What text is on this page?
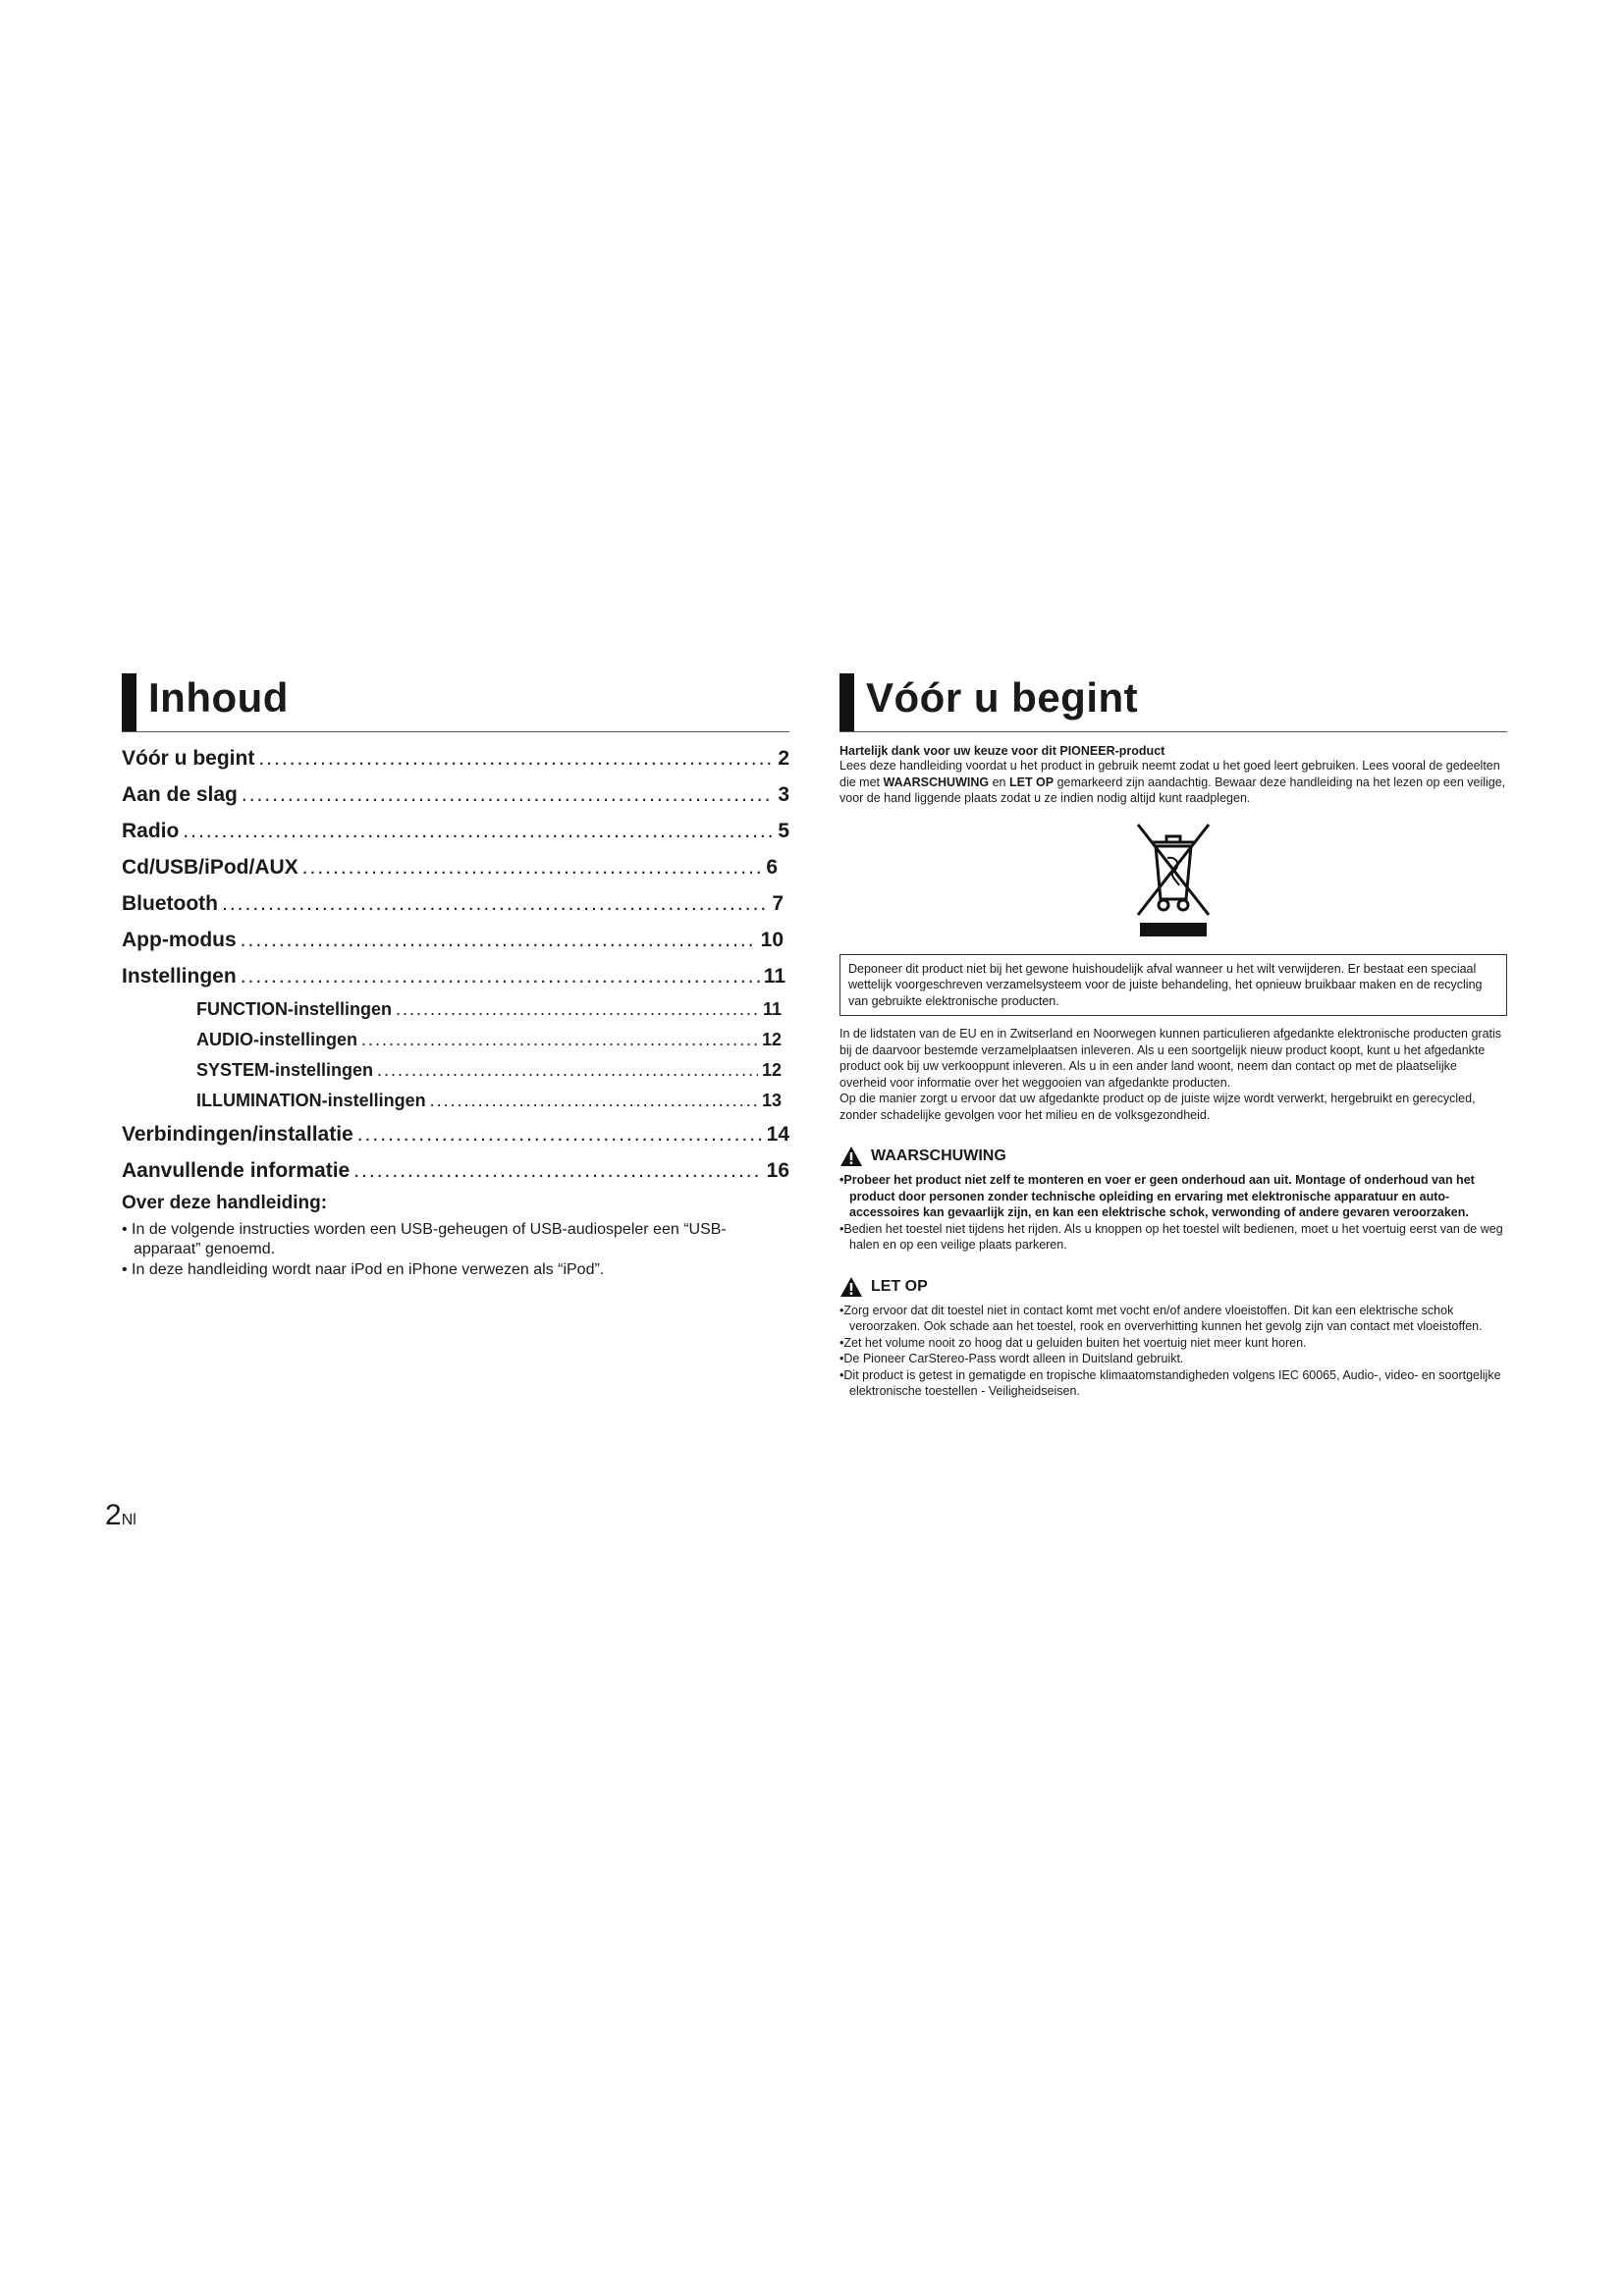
Inhoud
Vóór u begint .....	2
Aan de slag .....	3
Radio .....	5
Cd/USB/iPod/AUX .....	6
Bluetooth .....	7
App-modus .....	10
Instellingen .....	11
FUNCTION-instellingen .....	11
AUDIO-instellingen .....	12
SYSTEM-instellingen .....	12
ILLUMINATION-instellingen .....	13
Verbindingen/installatie .....	14
Aanvullende informatie .....	16
Over deze handleiding:
• In de volgende instructies worden een USB-geheugen of USB-audiospeler een “USB-apparaat” genoemd.
• In deze handleiding wordt naar iPod en iPhone verwezen als “iPod”.
Vóór u begint
Hartelijk dank voor uw keuze voor dit PIONEER-product

Lees deze handleiding voordat u het product in gebruik neemt zodat u het goed leert gebruiken. Lees vooral de gedeelten die met WAARSCHUWING en LET OP gemarkeerd zijn aandachtig. Bewaar deze handleiding na het lezen op een veilige, voor de hand liggende plaats zodat u ze indien nodig altijd kunt raadplegen.

Deponeer dit product niet bij het gewone huishoudelijk afval wanneer u het wilt verwijderen. Er bestaat een speciaal wettelijk voorgeschreven verzamelsysteem voor de juiste behandeling, het opnieuw bruikbaar maken en de recycling van gebruikte elektronische producten.

In de lidstaten van de EU en in Zwitserland en Noorwegen kunnen particulieren afgedankte elektronische producten gratis bij de daarvoor bestemde verzamelplaatsen inleveren. Als u een soortgelijk nieuw product koopt, kunt u het afgedankte product ook bij uw verkooppunt inleveren. Als u in een ander land woont, neem dan contact op met de plaatselijke overheid voor informatie over het weggooien van afgedankte producten.

Op die manier zorgt u ervoor dat uw afgedankte product op de juiste wijze wordt verwerkt, hergebruikt en gerecycled, zonder schadelijke gevolgen voor het milieu en de volksgezondheid.

WAARSCHUWING
• Probeer het product niet zelf te monteren en voer er geen onderhoud aan uit. Montage of onderhoud van het product door personen zonder technische opleiding en ervaring met elektronische apparatuur en auto-accessoires kan gevaarlijk zijn, en kan een elektrische schok, verwonding of andere gevaren veroorzaken.
• Bedien het toestel niet tijdens het rijden. Als u knoppen op het toestel wilt bedienen, moet u het voertuig eerst van de weg halen en op een veilige plaats parkeren.
LET OP
• Zorg ervoor dat dit toestel niet in contact komt met vocht en/of andere vloeistoffen. Dit kan een elektrische schok veroorzaken. Ook schade aan het toestel, rook en oververhitting kunnen het gevolg zijn van contact met vloeistoffen.
• Zet het volume nooit zo hoog dat u geluiden buiten het voertuig niet meer kunt horen.
• De Pioneer CarStereo-Pass wordt alleen in Duitsland gebruikt.
• Dit product is getest in gematigde en tropische klimaatomstandigheden volgens IEC 60065, Audio-, video- en soortgelijke elektronische toestellen - Veiligheidseisen.
2Nl
